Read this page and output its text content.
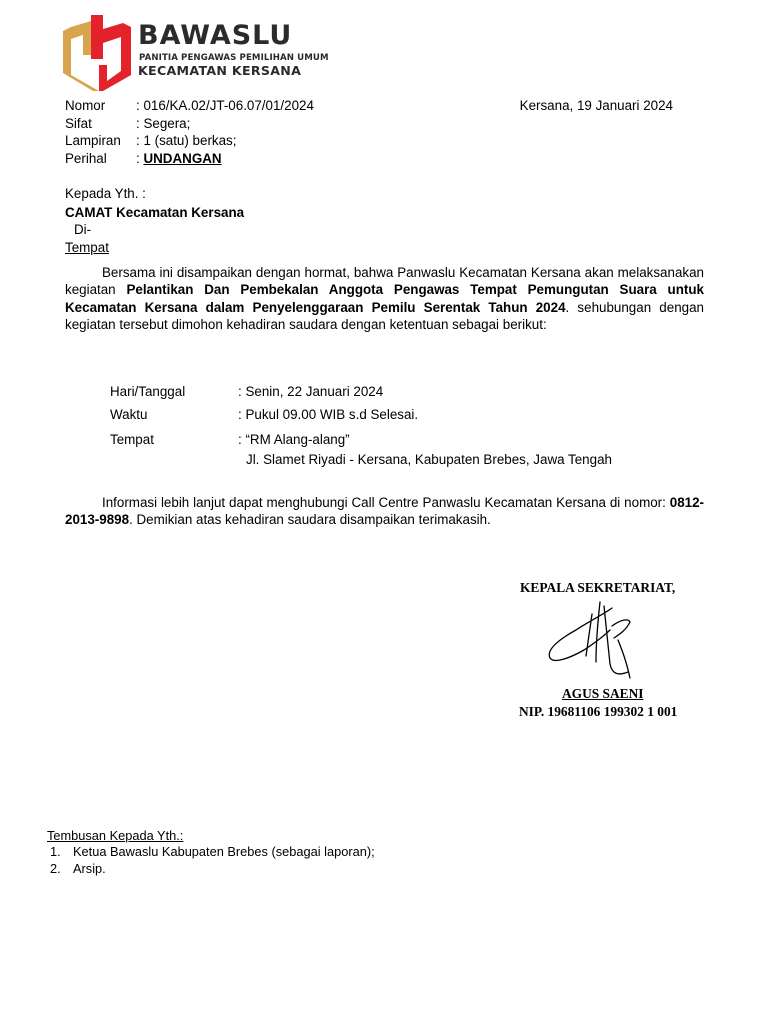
BAWASLU
PANITIA PENGAWAS PEMILIHAN UMUM
KECAMATAN KERSANA
Nomor : 016/KA.02/JT-06.07/01/2024	Kersana, 19 Januari 2024
Sifat	: Segera;
Lampiran : 1 (satu) berkas;
Perihal : UNDANGAN
Kepada Yth. :
CAMAT Kecamatan Kersana
Di-
Tempat

Bersama ini disampaikan dengan hormat, bahwa Panwaslu Kecamatan Kersana akan melaksanakan kegiatan Pelantikan Dan Pembekalan Anggota Pengawas Tempat Pemungutan Suara untuk Kecamatan Kersana dalam Penyelenggaraan Pemilu Serentak Tahun 2024. sehubungan dengan kegiatan tersebut dimohon kehadiran saudara dengan ketentuan sebagai berikut:

Hari/Tanggal	: Senin, 22 Januari 2024
Waktu	: Pukul 09.00 WIB s.d Selesai.
Tempat	: “RM Alang-alang”
Jl. Slamet Riyadi - Kersana, Kabupaten Brebes, Jawa Tengah

Informasi lebih lanjut dapat menghubungi Call Centre Panwaslu Kecamatan Kersana di nomor: 0812-2013-9898. Demikian atas kehadiran saudara disampaikan terimakasih.

KEPALA SEKRETARIAT,
AGUS SAENI
NIP. 19681106 199302 1 001
Tembusan Kepada Yth.:
1. Ketua Bawaslu Kabupaten Brebes (sebagai laporan);
2. Arsip.
